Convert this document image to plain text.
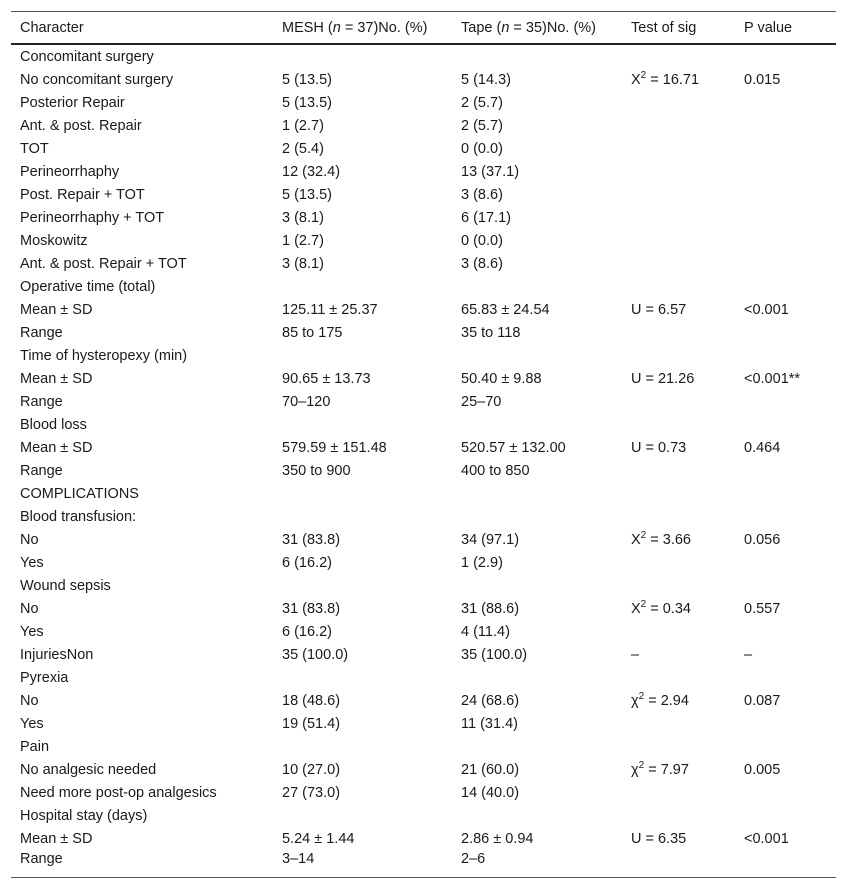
Character	MESH (n = 37)No. (%)	Tape (n = 35)No. (%)	Test of sig	P value
Concomitant surgery				
No concomitant surgery	5 (13.5)	5 (14.3)	$X^2 = 16.71$	0.015
Posterior Repair	5 (13.5)	2 (5.7)		
Ant. & post. Repair	1 (2.7)	2 (5.7)		
TOT	2 (5.4)	0 (0.0)		
Perineorrhaphy	12 (32.4)	13 (37.1)		
Post. Repair + TOT	5 (13.5)	3 (8.6)		
Perineorrhaphy + TOT	3 (8.1)	6 (17.1)		
Moskowitz	1 (2.7)	0 (0.0)		
Ant. & post. Repair + TOT	3 (8.1)	3 (8.6)		
Operative time (total)				
Mean ± SD	125.11 ± 25.37	65.83 ± 24.54	U = 6.57	<0.001
Range	85 to 175	35 to 118		
Time of hysteropexy (min)				
Mean ± SD	90.65 ± 13.73	50.40 ± 9.88	U = 21.26	<0.001**
Range	70–120	25–70		
Blood loss				
Mean ± SD	579.59 ± 151.48	520.57 ± 132.00	U = 0.73	0.464
Range	350 to 900	400 to 850		
COMPLICATIONS				
Blood transfusion:				
No	31 (83.8)	34 (97.1)	$X^2 = 3.66$	0.056
Yes	6 (16.2)	1 (2.9)		
Wound sepsis				
No	31 (83.8)	31 (88.6)	$X^2 = 0.34$	0.557
Yes	6 (16.2)	4 (11.4)		
InjuriesNon	35 (100.0)	35 (100.0)	–	–
Pyrexia				
No	18 (48.6)	24 (68.6)	$\chi^2 = 2.94$	0.087
Yes	19 (51.4)	11 (31.4)		
Pain				
No analgesic needed	10 (27.0)	21 (60.0)	$\chi^2 = 7.97$	0.005
Need more post-op analgesics	27 (73.0)	14 (40.0)		
Hospital stay (days)				
Mean ± SD	5.24 ± 1.44	2.86 ± 0.94	U = 6.35	<0.001
Range	3–14	2–6		
